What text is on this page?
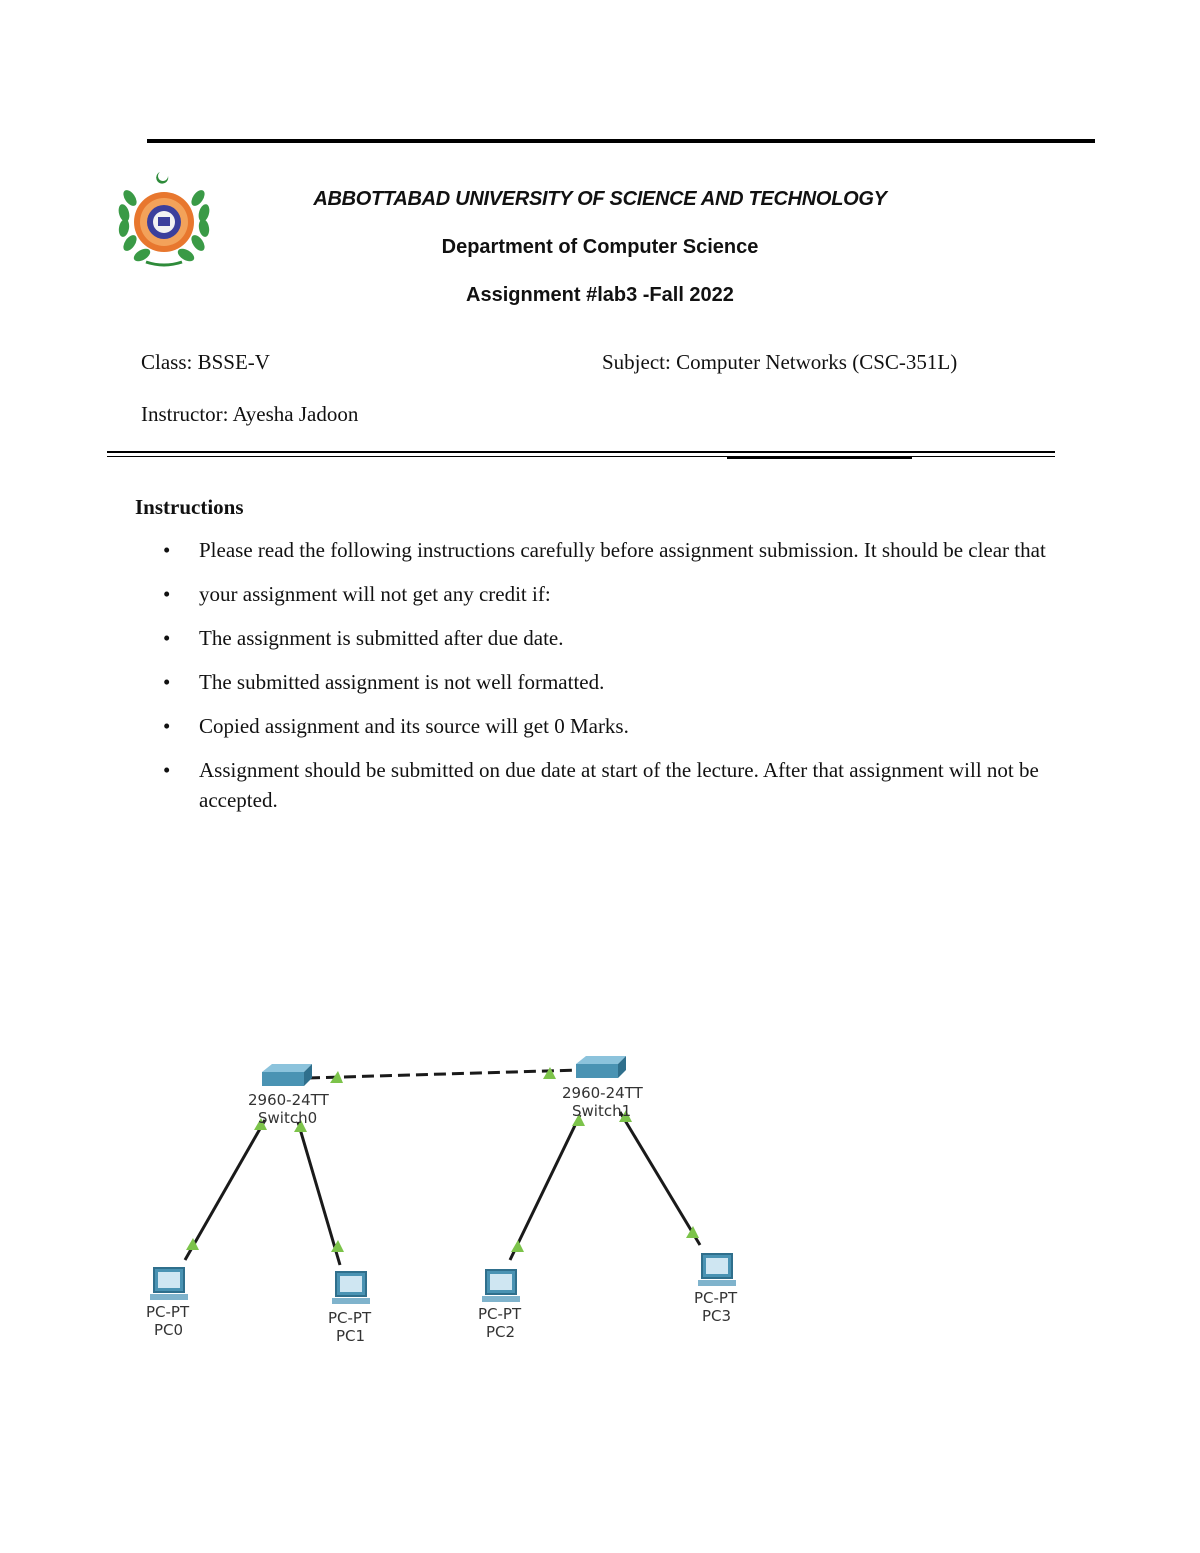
ABBOTTABAD UNIVERSITY OF SCIENCE AND TECHNOLOGY
Department of Computer Science
Assignment #lab3 -Fall 2022
Class: BSSE-V	Subject: Computer Networks (CSC-351L)
Instructor: Ayesha Jadoon
Instructions
• Please read the following instructions carefully before assignment submission. It should be clear that
• your assignment will not get any credit if:
• The assignment is submitted after due date.
• The submitted assignment is not well formatted.
• Copied assignment and its source will get 0 Marks.
• Assignment should be submitted on due date at start of the lecture. After that assignment will not be accepted.
2960-24TT
Switch0
2960-24TT
Switch1
PC-PT
PC0
PC-PT
PC1
PC-PT
PC2
PC-PT
PC3
